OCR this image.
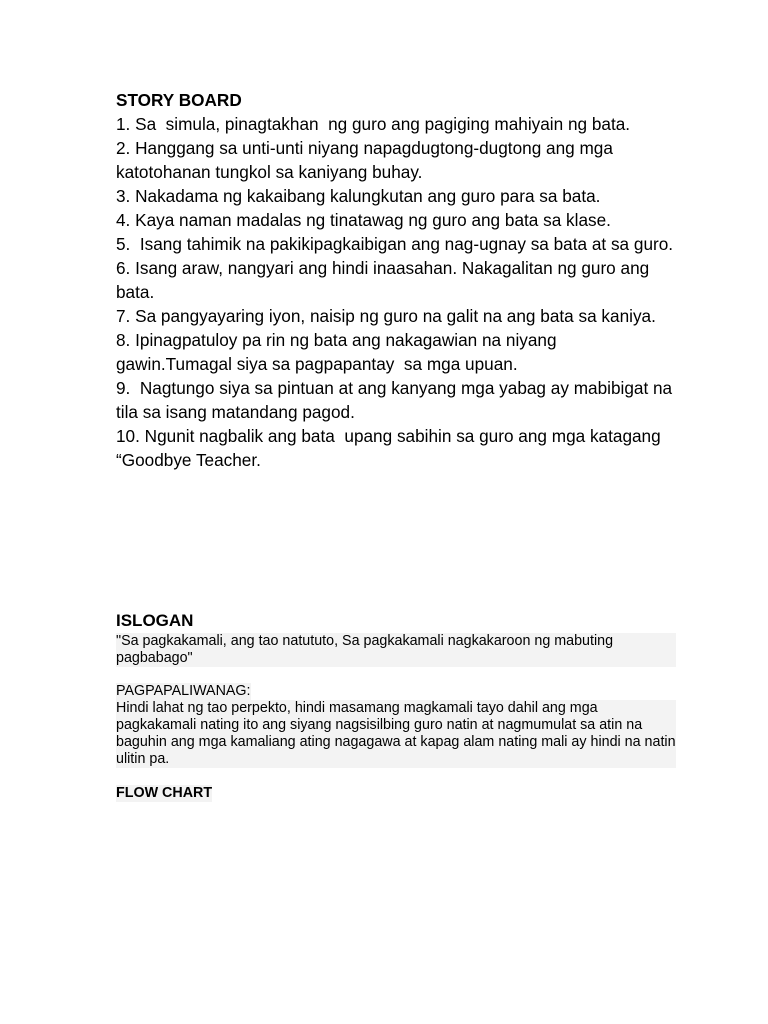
STORY BOARD

1. Sa  simula, pinagtakhan  ng guro ang pagiging mahiyain ng bata.

2. Hanggang sa unti-unti niyang napagdugtong-dugtong ang mga katotohanan tungkol sa kaniyang buhay.

3. Nakadama ng kakaibang kalungkutan ang guro para sa bata.

4. Kaya naman madalas ng tinatawag ng guro ang bata sa klase.

5.  Isang tahimik na pakikipagkaibigan ang nag-ugnay sa bata at sa guro.

6. Isang araw, nangyari ang hindi inaasahan. Nakagalitan ng guro ang bata.

7. Sa pangyayaring iyon, naisip ng guro na galit na ang bata sa kaniya.

8. Ipinagpatuloy pa rin ng bata ang nakagawian na niyang gawin.Tumagal siya sa pagpapantay  sa mga upuan.

9.  Nagtungo siya sa pintuan at ang kanyang mga yabag ay mabibigat na tila sa isang matandang pagod.

10. Ngunit nagbalik ang bata  upang sabihin sa guro ang mga katagang “Goodbye Teacher.

ISLOGAN

"Sa pagkakamali, ang tao natututo, Sa pagkakamali nagkakaroon ng mabuting pagbabago"

PAGPAPALIWANAG:

Hindi lahat ng tao perpekto, hindi masamang magkamali tayo dahil ang mga pagkakamali nating ito ang siyang nagsisilbing guro natin at nagmumulat sa atin na baguhin ang mga kamaliang ating nagagawa at kapag alam nating mali ay hindi na natin ulitin pa.

FLOW CHART
